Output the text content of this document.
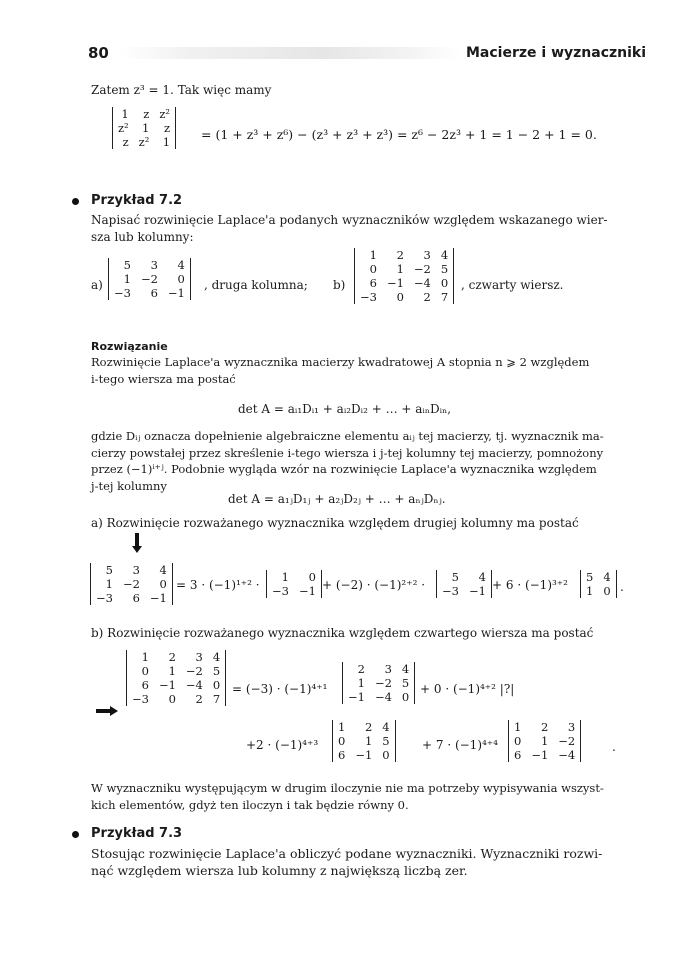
80	Macierze i wyznaczniki
Zatem z³ = 1. Tak więc mamy
1	z	z²
z²	1	z
z	z²	1 = (1 + z³ + z⁶) − (z³ + z³ + z³) = z⁶ − 2z³ + 1 = 1 − 2 + 1 = 0.
Przykład 7.2
Napisać rozwinięcie Laplace'a podanych wyznaczników względem wskazanego wier-
sza lub kolumny:
a)
5	3	4
1	−2	0
−3	6	−1
, druga kolumna; b)
1	2	3	4
0	1	−2	5
6	−1	−4	0
−3	0	2	7
, czwarty wiersz.
Rozwiązanie
Rozwinięcie Laplace'a wyznacznika macierzy kwadratowej A stopnia n ⩾ 2 względem
i-tego wiersza ma postać
det A = aᵢ₁Dᵢ₁ + aᵢ₂Dᵢ₂ + … + aᵢₙDᵢₙ,
gdzie Dᵢⱼ oznacza dopełnienie algebraiczne elementu aᵢⱼ tej macierzy, tj. wyznacznik ma-
cierzy powstałej przez skreślenie i-tego wiersza i j-tej kolumny tej macierzy, pomnożony
przez (−1)ⁱ⁺ʲ. Podobnie wygląda wzór na rozwinięcie Laplace'a wyznacznika względem
j-tej kolumny
det A = a₁ⱼD₁ⱼ + a₂ⱼD₂ⱼ + … + aₙⱼDₙⱼ.
a) Rozwinięcie rozważanego wyznacznika względem drugiej kolumny ma postać
5	3	4
1	−2	0
−3	6	−1
= 3 · (−1)¹⁺² ·
1	0
−3	−1 + (−2) · (−1)²⁺² ·
5	4
−3	−1 + 6 · (−1)³⁺²
5	4
1	0 .
b) Rozwinięcie rozważanego wyznacznika względem czwartego wiersza ma postać
1	2	3	4
0	1	−2	5
6	−1	−4	0
−3	0	2	7
= (−3) · (−1)⁴⁺¹
2	3	4
1	−2	5
−1	−4	0
+ 0 · (−1)⁴⁺² |?|
+2 · (−1)⁴⁺³
1	2	4
0	1	5
6	−1	0
+ 7 · (−1)⁴⁺⁴
1	2	3
0	1	−2
6	−1	−4
.
W wyznaczniku występującym w drugim iloczynie nie ma potrzeby wypisywania wszyst-
kich elementów, gdyż ten iloczyn i tak będzie równy 0.
Przykład 7.3
Stosując rozwinięcie Laplace'a obliczyć podane wyznaczniki. Wyznaczniki rozwi-
nąć względem wiersza lub kolumny z największą liczbą zer.
